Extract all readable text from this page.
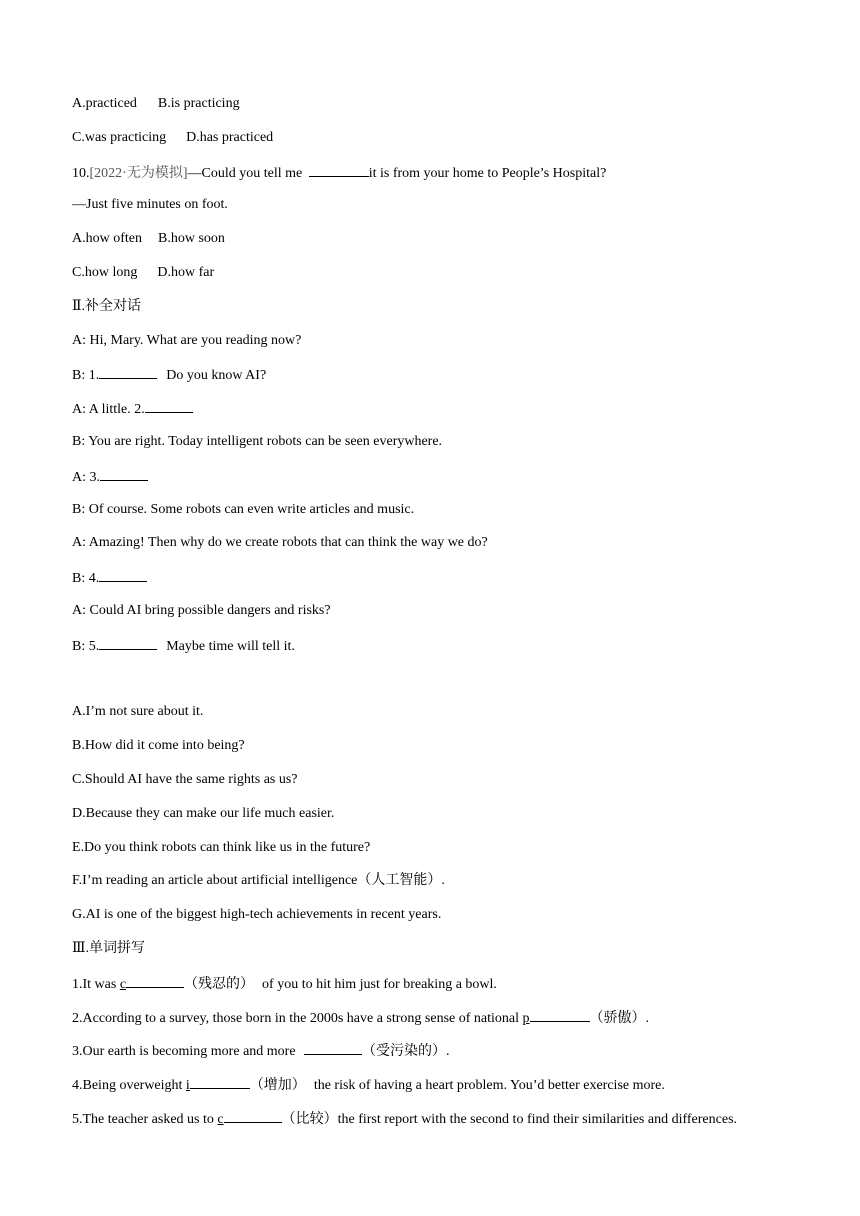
A.practiced B.is practicing
C.was practicing D.has practiced
10.[2022·无为模拟]—Could you tell me	it is from your home to People’s Hospital?
—Just five minutes on foot.
A.how often B.how soon
C.how long D.how far
Ⅱ.补全对话
A: Hi, Mary. What are you reading now?
B: 1.	Do you know AI?
A: A little. 2.
B: You are right. Today intelligent robots can be seen everywhere.
A: 3.
B: Of course. Some robots can even write articles and music.
A: Amazing! Then why do we create robots that can think the way we do?
B: 4.
A: Could AI bring possible dangers and risks?
B: 5.	Maybe time will tell it.
A.I’m not sure about it.
B.How did it come into being?
C.Should AI have the same rights as us?
D.Because they can make our life much easier.
E.Do you think robots can think like us in the future?
F.I’m reading an article about artificial intelligence（人工智能）.
G.AI is one of the biggest high-tech achievements in recent years.
Ⅲ.单词拼写
1.It was c	（残忍的） of you to hit him just for breaking a bowl.
2.According to a survey, those born in the 2000s have a strong sense of national p	（骄傲）.
3.Our earth is becoming more and more	（受污染的）.
4.Being overweight i	（增加） the risk of having a heart problem. You’d better exercise more.
5.The teacher asked us to c	（比较）the first report with the second to find their similarities and differences.
